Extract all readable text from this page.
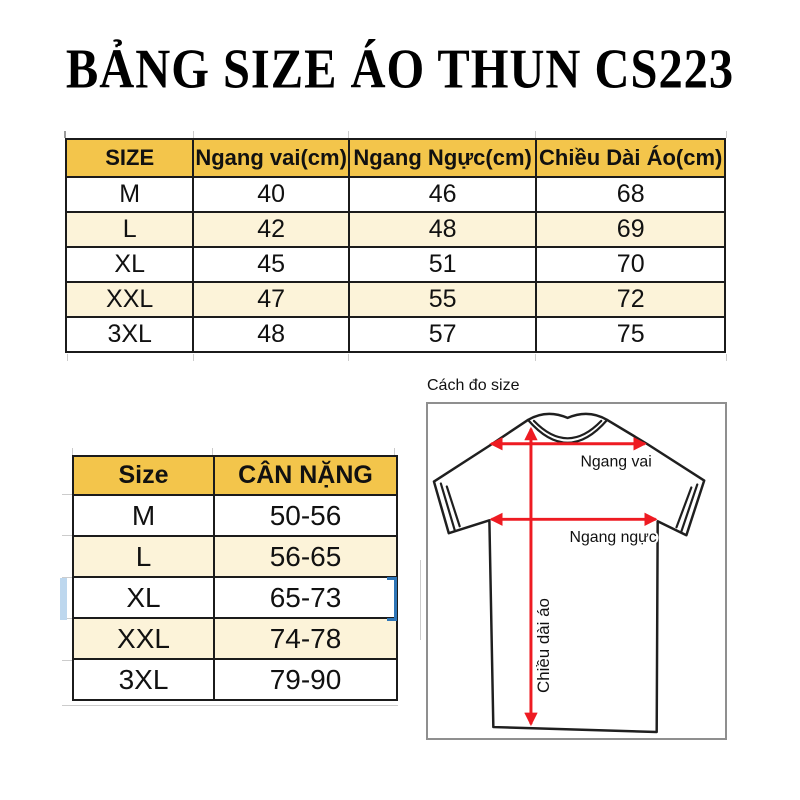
BẢNG SIZE ÁO THUN CS223
SIZE	Ngang vai(cm)	Ngang Ngực(cm)	Chiều Dài Áo(cm)
M	40	46	68
L	42	48	69
XL	45	51	70
XXL	47	55	72
3XL	48	57	75
Size	CÂN NẶNG
M	50-56
L	56-65
XL	65-73
XXL	74-78
3XL	79-90
Cách đo size
Ngang vai
Ngang ngực
Chiều dài áo
